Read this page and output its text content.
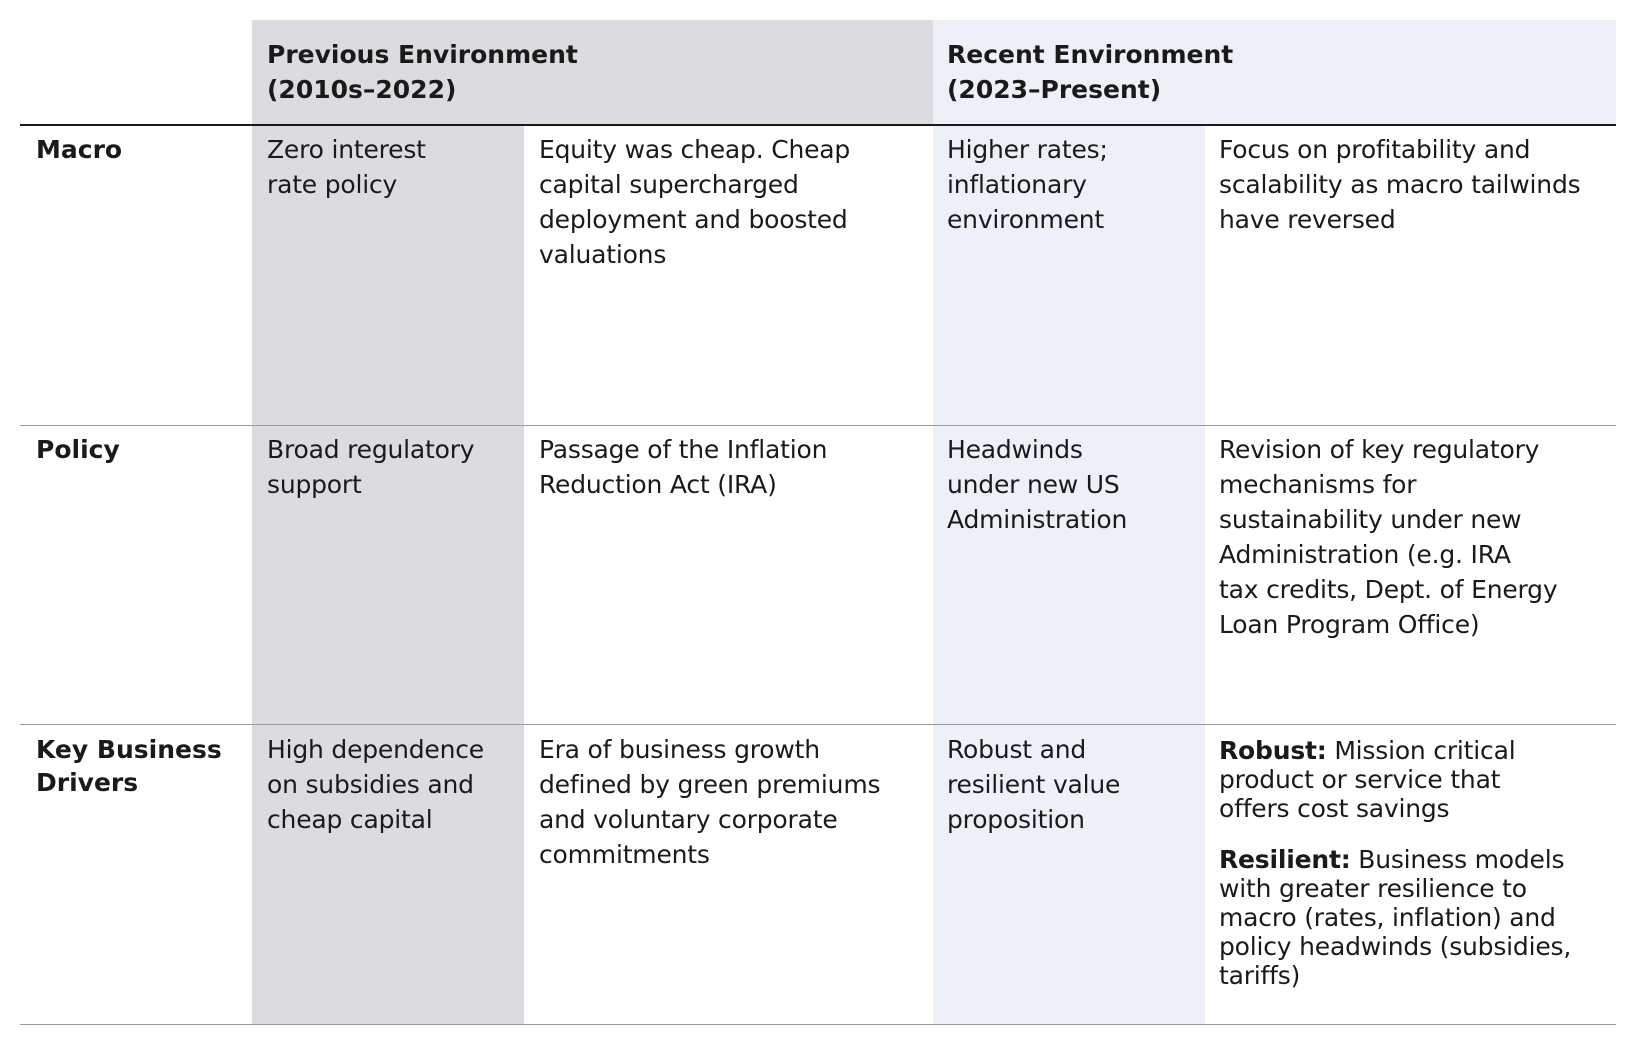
Previous Environment
(2010s–2022)
Recent Environment
(2023–Present)
Macro	Zero interest
rate policy
Equity was cheap. Cheap
capital supercharged
deployment and boosted
valuations
Higher rates;
inflationary
environment
Focus on profitability and
scalability as macro tailwinds
have reversed
Policy	Broad regulatory
support
Passage of the Inflation
Reduction Act (IRA)
Headwinds
under new US
Administration
Revision of key regulatory
mechanisms for
sustainability under new
Administration (e.g. IRA
tax credits, Dept. of Energy
Loan Program Office)
Key Business
Drivers
High dependence
on subsidies and
cheap capital
Era of business growth
defined by green premiums
and voluntary corporate
commitments
Robust and
resilient value
proposition
Robust: Mission critical
product or service that
offers cost savings
Resilient: Business models
with greater resilience to
macro (rates, inflation) and
policy headwinds (subsidies,
tariffs)
